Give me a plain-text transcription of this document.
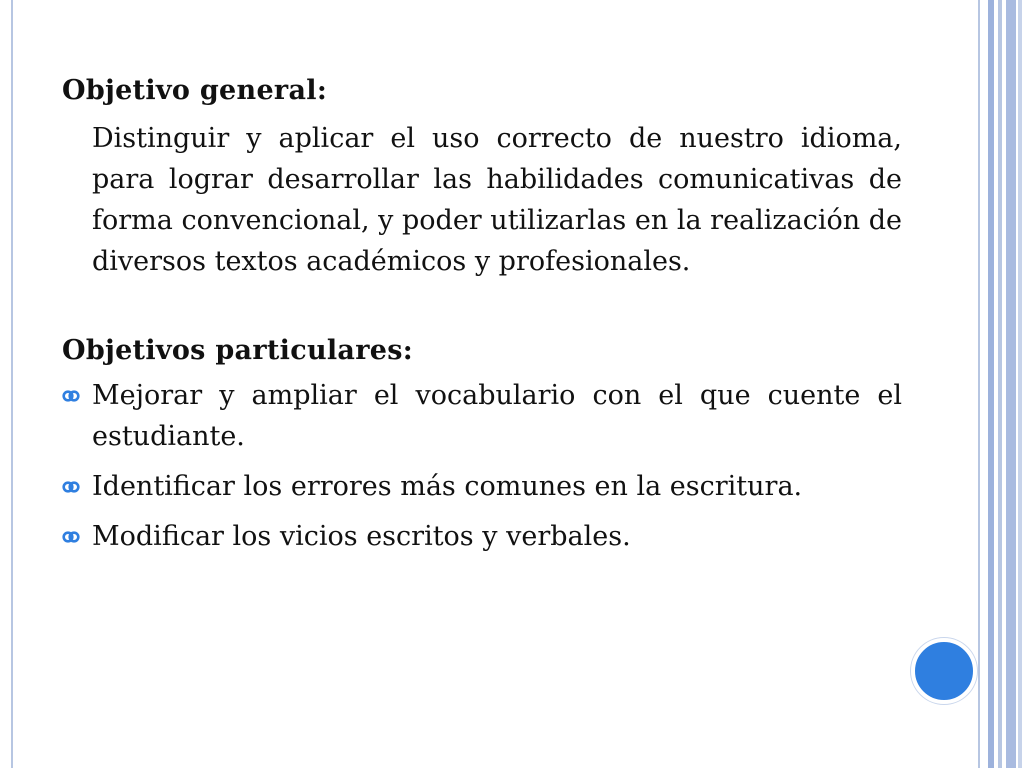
Objetivo general:

Distinguir y aplicar el uso correcto de nuestro idioma, para lograr desarrollar las habilidades comunicativas de forma convencional, y poder utilizarlas en la realización de diversos textos académicos y profesionales.

Objetivos particulares:

Mejorar y ampliar el vocabulario con el que cuente el estudiante.
Identificar los errores más comunes en la escritura.
Modificar los vicios escritos y verbales.
